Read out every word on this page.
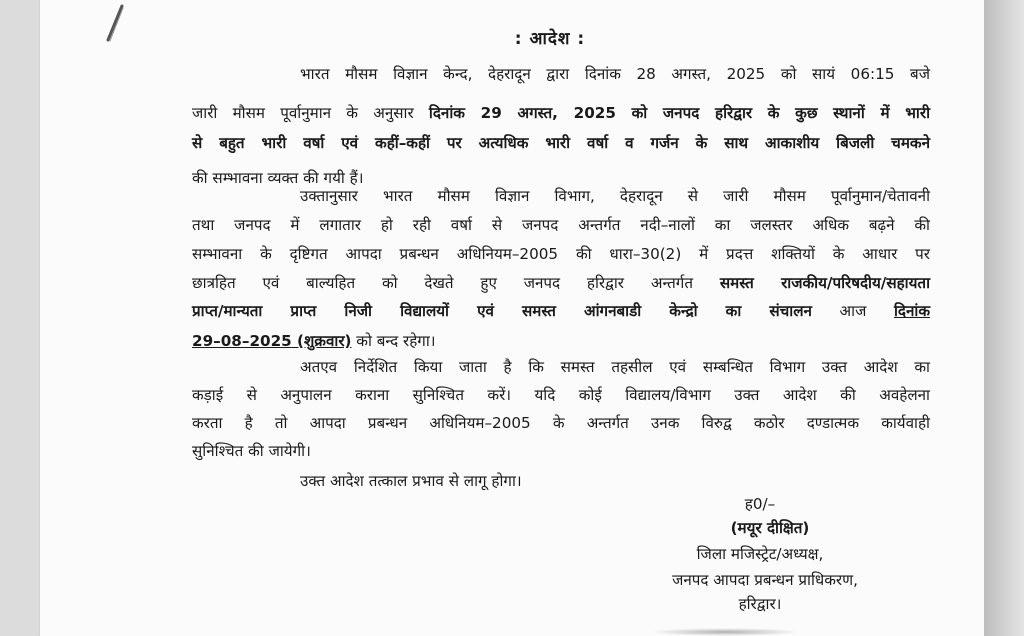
: आदेश :
भारत मौसम विज्ञान केन्द, देहरादून द्वारा दिनांक 28 अगस्त, 2025 को सायं 06:15 बजे
जारी मौसम पूर्वानुमान के अनुसार दिनांक 29 अगस्त, 2025 को जनपद हरिद्वार के कुछ स्थानों में भारी
से बहुत भारी वर्षा एवं कहीं–कहीं पर अत्यधिक भारी वर्षा व गर्जन के साथ आकाशीय बिजली चमकने
की सम्भावना व्यक्त की गयी हैं।
उक्तानुसार भारत मौसम विज्ञान विभाग, देहरादून से जारी मौसम पूर्वानुमान/चेतावनी
तथा जनपद में लगातार हो रही वर्षा से जनपद अन्तर्गत नदी–नालों का जलस्तर अधिक बढ़ने की
सम्भावना के दृष्टिगत आपदा प्रबन्धन अधिनियम–2005 की धारा–30(2) में प्रदत्त शक्तियों के आधार पर
छात्रहित एवं बाल्यहित को देखते हुए जनपद हरिद्वार अन्तर्गत समस्त राजकीय/परिषदीय/सहायता
प्राप्त/मान्यता प्राप्त निजी विद्यालयों एवं समस्त आंगनबाडी केन्द्रो का संचालन आज दिनांक
29–08–2025 (शुक्रवार) को बन्द रहेगा।
अतएव निर्देशित किया जाता है कि समस्त तहसील एवं सम्बन्धित विभाग उक्त आदेश का
कड़ाई से अनुपालन कराना सुनिश्चित करें। यदि कोई विद्यालय/विभाग उक्त आदेश की अवहेलना
करता है तो आपदा प्रबन्धन अधिनियम–2005 के अन्तर्गत उनक विरुद्व कठोर दण्डात्मक कार्यवाही
सुनिश्चित की जायेगी।
उक्त आदेश तत्काल प्रभाव से लागू होगा।
ह0/–
(मयूर दीक्षित)
जिला मजिस्ट्रेट/अध्यक्ष,
जनपद आपदा प्रबन्धन प्राधिकरण,
हरिद्वार।
